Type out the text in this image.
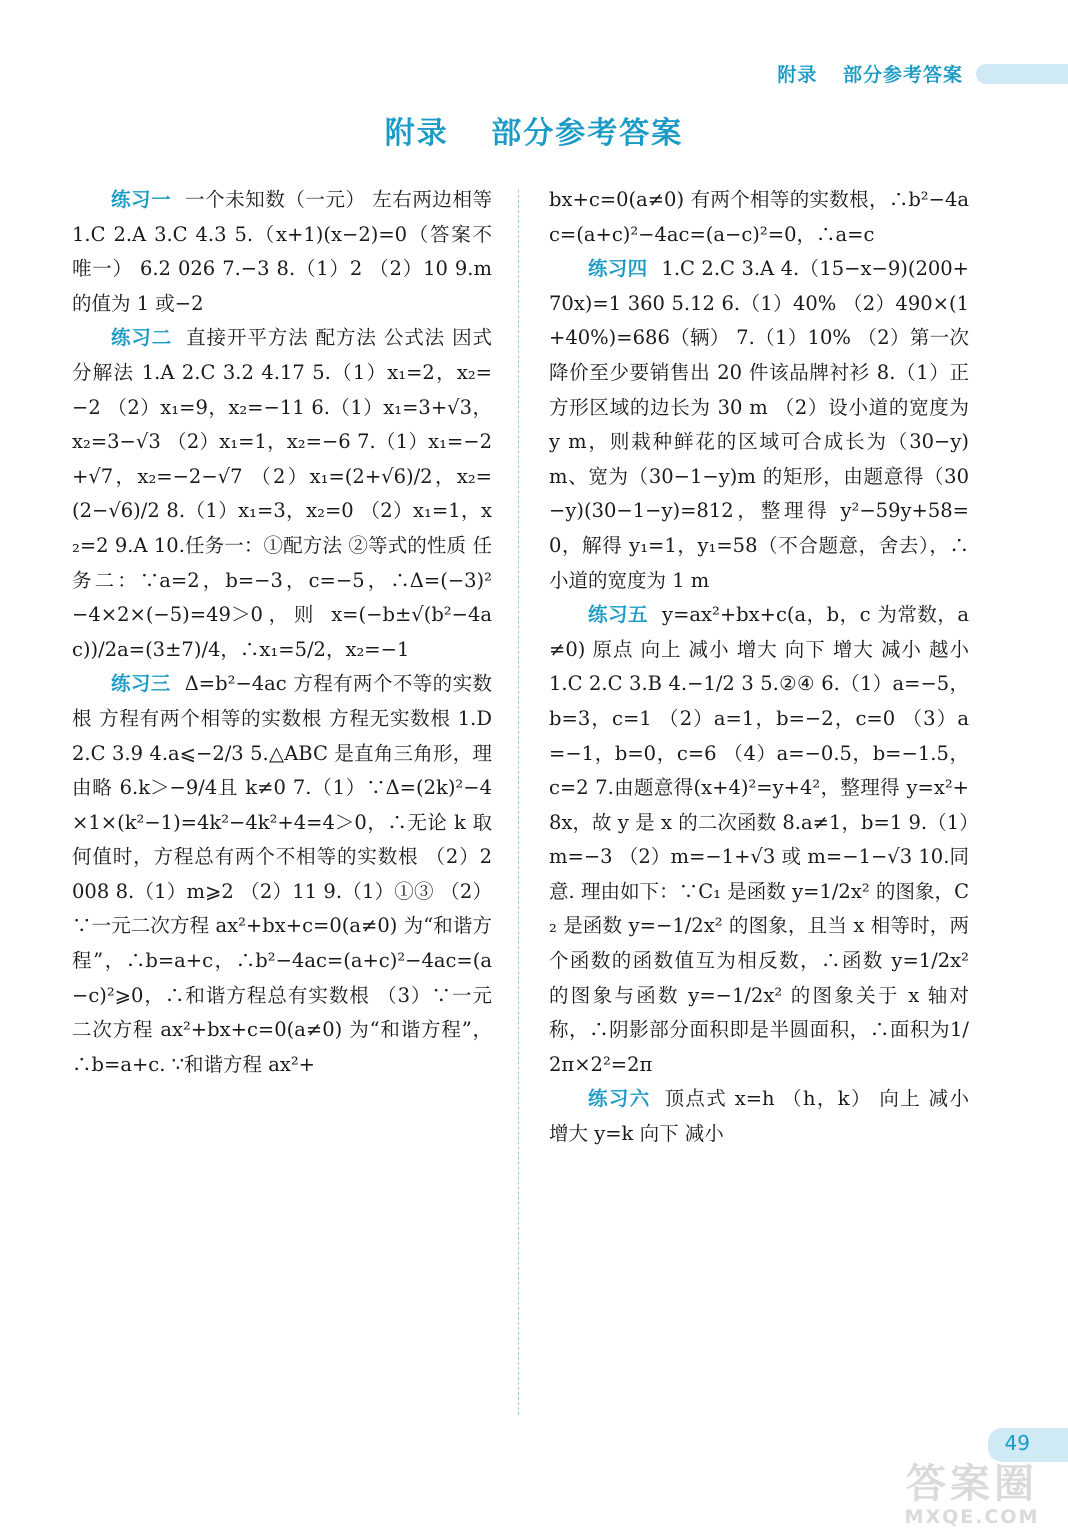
附录 部分参考答案
附录 部分参考答案

练习一 一个未知数（一元） 左右两边相等 1.C 2.A 3.C 4.3 5.（x+1)(x−2)=0（答案不唯一） 6.2 026 7.−3 8.（1）2 （2）10 9.m 的值为 1 或−2

练习二 直接开平方法 配方法 公式法 因式分解法 1.A 2.C 3.2 4.17 5.（1）x₁=2，x₂=−2 （2）x₁=9，x₂=−11 6.（1）x₁=3+√3，x₂=3−√3 （2）x₁=1，x₂=−6 7.（1）x₁=−2+√7，x₂=−2−√7 （2）x₁=(2+√6)/2，x₂=(2−√6)/2 8.（1）x₁=3，x₂=0 （2）x₁=1，x₂=2 9.A 10.任务一：①配方法 ②等式的性质 任务二：∵a=2，b=−3，c=−5，∴Δ=(−3)²−4×2×(−5)=49＞0，则 x=(−b±√(b²−4ac))/2a=(3±7)/4，∴x₁=5/2，x₂=−1

练习三 Δ=b²−4ac 方程有两个不等的实数根 方程有两个相等的实数根 方程无实数根 1.D 2.C 3.9 4.a⩽−2/3 5.△ABC 是直角三角形，理由略 6.k＞−9/4且 k≠0 7.（1）∵Δ=(2k)²−4×1×(k²−1)=4k²−4k²+4=4＞0，∴无论 k 取何值时，方程总有两个不相等的实数根 （2）2 008 8.（1）m⩾2 （2）11 9.（1）①③ （2）∵一元二次方程 ax²+bx+c=0(a≠0) 为“和谐方程”，∴b=a+c，∴b²−4ac=(a+c)²−4ac=(a−c)²⩾0，∴和谐方程总有实数根 （3）∵一元二次方程 ax²+bx+c=0(a≠0) 为“和谐方程”，∴b=a+c. ∵和谐方程 ax²+

bx+c=0(a≠0) 有两个相等的实数根，∴b²−4ac=(a+c)²−4ac=(a−c)²=0，∴a=c

练习四 1.C 2.C 3.A 4.（15−x−9)(200+70x)=1 360 5.12 6.（1）40% （2）490×(1+40%)=686（辆） 7.（1）10% （2）第一次降价至少要销售出 20 件该品牌衬衫 8.（1）正方形区域的边长为 30 m （2）设小道的宽度为 y m，则栽种鲜花的区域可合成长为（30−y)m、宽为（30−1−y)m 的矩形，由题意得（30−y)(30−1−y)=812，整理得 y²−59y+58=0，解得 y₁=1，y₁=58（不合题意，舍去），∴小道的宽度为 1 m

练习五 y=ax²+bx+c(a，b，c 为常数，a≠0) 原点 向上 减小 增大 向下 增大 减小 越小 1.C 2.C 3.B 4.−1/2 3 5.②④ 6.（1）a=−5，b=3，c=1 （2）a=1，b=−2，c=0 （3）a=−1，b=0，c=6 （4）a=−0.5，b=−1.5，c=2 7.由题意得(x+4)²=y+4²，整理得 y=x²+8x，故 y 是 x 的二次函数 8.a≠1，b=1 9.（1）m=−3 （2）m=−1+√3 或 m=−1−√3 10.同意. 理由如下：∵C₁ 是函数 y=1/2x² 的图象，C₂ 是函数 y=−1/2x² 的图象，且当 x 相等时，两个函数的函数值互为相反数，∴函数 y=1/2x² 的图象与函数 y=−1/2x² 的图象关于 x 轴对称，∴阴影部分面积即是半圆面积，∴面积为1/2π×2²=2π

练习六 顶点式 x=h （h，k） 向上 减小 增大 y=k 向下 减小

49
答案圈
MXQE.COM
